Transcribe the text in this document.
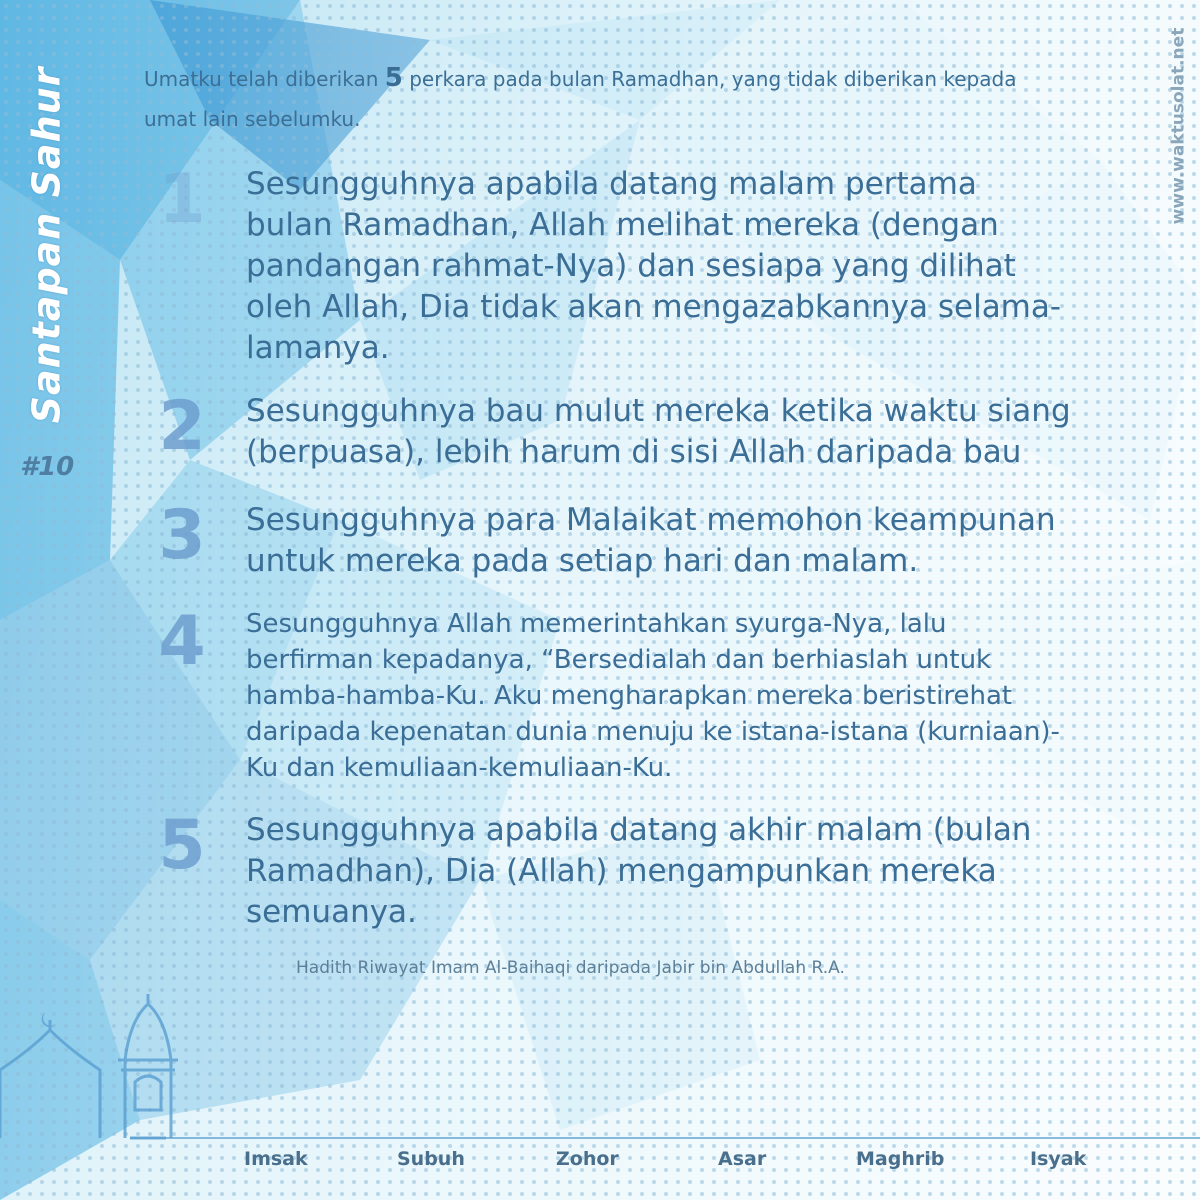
Santapan Sahur
#10
www.waktusolat.net

Umatku telah diberikan 5 perkara pada bulan Ramadhan, yang tidak diberikan kepada umat lain sebelumku.

1 Sesungguhnya apabila datang malam pertama bulan Ramadhan, Allah melihat mereka (dengan pandangan rahmat-Nya) dan sesiapa yang dilihat oleh Allah, Dia tidak akan mengazabkannya selama-lamanya.

2 Sesungguhnya bau mulut mereka ketika waktu siang (berpuasa), lebih harum di sisi Allah daripada bau

3 Sesungguhnya para Malaikat memohon keampunan untuk mereka pada setiap hari dan malam.

4 Sesungguhnya Allah memerintahkan syurga-Nya, lalu berfirman kepadanya, “Bersedialah dan berhiaslah untuk hamba-hamba-Ku. Aku mengharapkan mereka beristirehat daripada kepenatan dunia menuju ke istana-istana (kurniaan)-Ku dan kemuliaan-kemuliaan-Ku.

5 Sesungguhnya apabila datang akhir malam (bulan Ramadhan), Dia (Allah) mengampunkan mereka semuanya.

Hadith Riwayat Imam Al-Baihaqi daripada Jabir bin Abdullah R.A.
Imsak	Subuh	Zohor	Asar	Maghrib	Isyak
